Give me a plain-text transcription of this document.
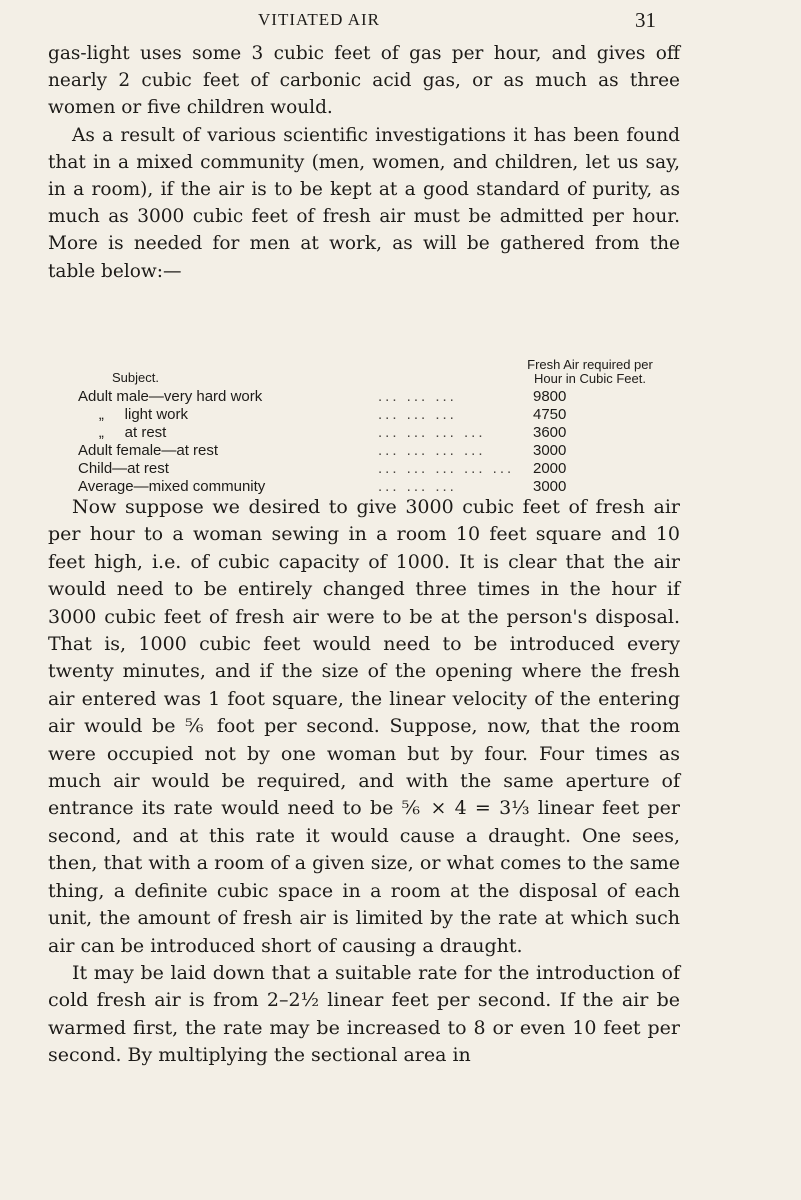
VITIATED AIR	31

gas-light uses some 3 cubic feet of gas per hour, and gives off nearly 2 cubic feet of carbonic acid gas, or as much as three women or five children would.

As a result of various scientific investigations it has been found that in a mixed community (men, women, and children, let us say, in a room), if the air is to be kept at a good standard of purity, as much as 3000 cubic feet of fresh air must be admitted per hour. More is needed for men at work, as will be gathered from the table below:—

Subject.
Fresh Air required per
Hour in Cubic Feet.
Adult male—very hard work	... ... ...	9800
„     light work	... ... ...	4750
„     at rest	... ... ... ...	3600
Adult female—at rest	... ... ... ...	3000
Child—at rest	... ... ... ... ... 2000
Average—mixed community	... ... ...	3000

Now suppose we desired to give 3000 cubic feet of fresh air per hour to a woman sewing in a room 10 feet square and 10 feet high, i.e. of cubic capacity of 1000. It is clear that the air would need to be entirely changed three times in the hour if 3000 cubic feet of fresh air were to be at the person's disposal. That is, 1000 cubic feet would need to be introduced every twenty minutes, and if the size of the opening where the fresh air entered was 1 foot square, the linear velocity of the entering air would be ⅚ foot per second. Suppose, now, that the room were occupied not by one woman but by four. Four times as much air would be required, and with the same aperture of entrance its rate would need to be ⅚ × 4 = 3⅓ linear feet per second, and at this rate it would cause a draught. One sees, then, that with a room of a given size, or what comes to the same thing, a definite cubic space in a room at the disposal of each unit, the amount of fresh air is limited by the rate at which such air can be introduced short of causing a draught.

It may be laid down that a suitable rate for the introduction of cold fresh air is from 2–2½ linear feet per second. If the air be warmed first, the rate may be increased to 8 or even 10 feet per second. By multiplying the sectional area in
